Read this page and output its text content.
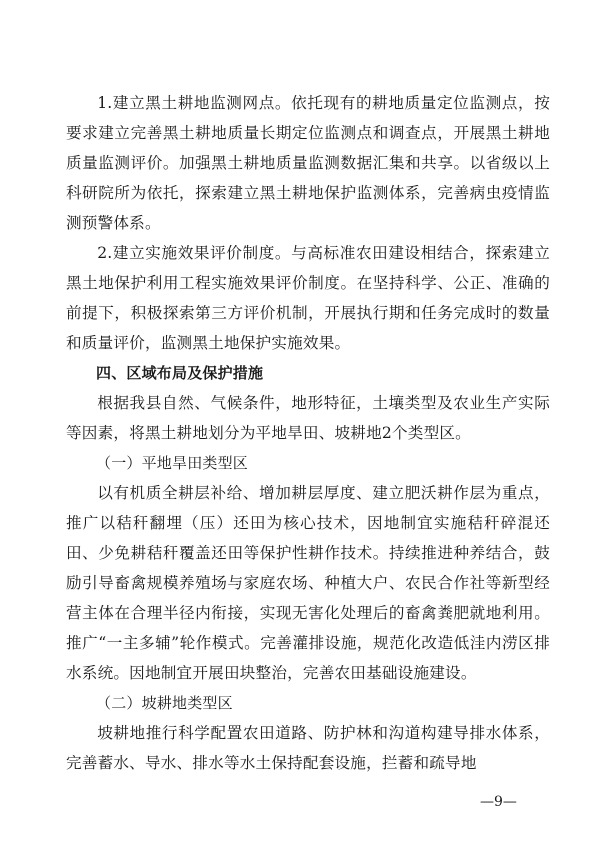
1.建立黑土耕地监测网点。依托现有的耕地质量定位监测点，按要求建立完善黑土耕地质量长期定位监测点和调查点，开展黑土耕地质量监测评价。加强黑土耕地质量监测数据汇集和共享。以省级以上科研院所为依托，探索建立黑土耕地保护监测体系，完善病虫疫情监测预警体系。

2.建立实施效果评价制度。与高标准农田建设相结合，探索建立黑土地保护利用工程实施效果评价制度。在坚持科学、公正、准确的前提下，积极探索第三方评价机制，开展执行期和任务完成时的数量和质量评价，监测黑土地保护实施效果。

四、区域布局及保护措施

根据我县自然、气候条件，地形特征，土壤类型及农业生产实际等因素，将黑土耕地划分为平地旱田、坡耕地2个类型区。

（一）平地旱田类型区

以有机质全耕层补给、增加耕层厚度、建立肥沃耕作层为重点，推广以秸秆翻埋（压）还田为核心技术，因地制宜实施秸秆碎混还田、少免耕秸秆覆盖还田等保护性耕作技术。持续推进种养结合，鼓励引导畜禽规模养殖场与家庭农场、种植大户、农民合作社等新型经营主体在合理半径内衔接，实现无害化处理后的畜禽粪肥就地利用。推广“一主多辅”轮作模式。完善灌排设施，规范化改造低洼内涝区排水系统。因地制宜开展田块整治，完善农田基础设施建设。

（二）坡耕地类型区

坡耕地推行科学配置农田道路、防护林和沟道构建导排水体系，完善蓄水、导水、排水等水土保持配套设施，拦蓄和疏导地

—9—
